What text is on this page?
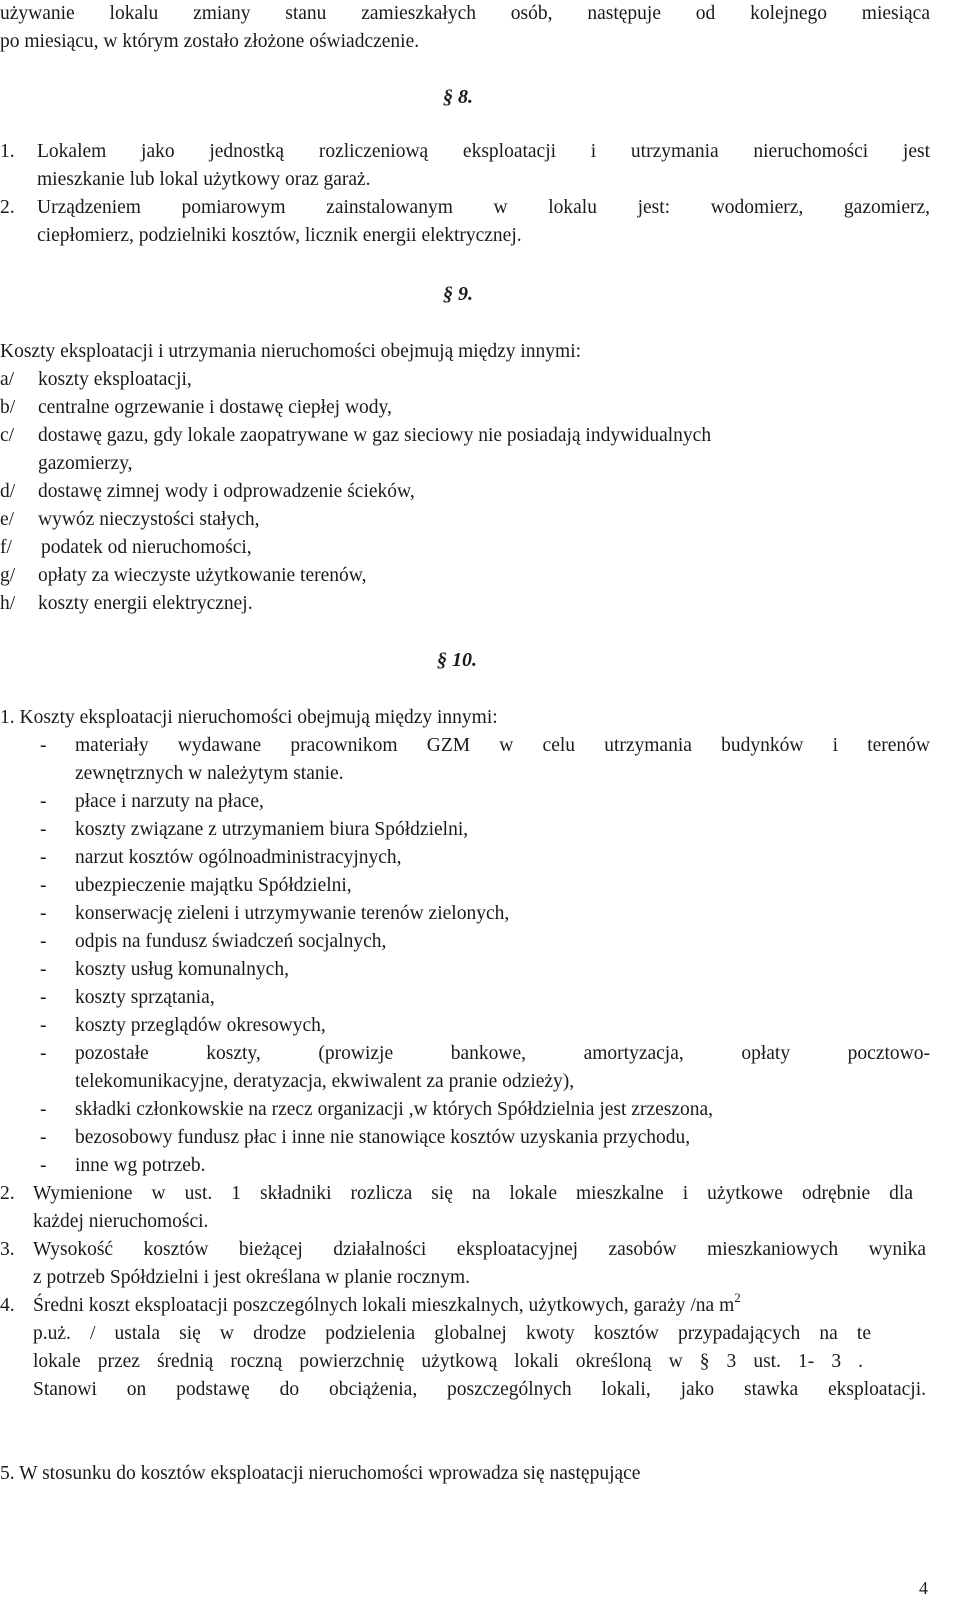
używanie lokalu zmiany stanu zamieszkałych osób, następuje od kolejnego miesiąca
po miesiącu, w którym zostało złożone oświadczenie.
§ 8.
1. Lokalem jako jednostką rozliczeniową eksploatacji i utrzymania nieruchomości jest
mieszkanie lub lokal użytkowy oraz garaż.
2. Urządzeniem pomiarowym zainstalowanym w lokalu jest: wodomierz, gazomierz,
ciepłomierz, podzielniki kosztów, licznik energii elektrycznej.
§ 9.
Koszty eksploatacji i utrzymania nieruchomości obejmują między innymi:
a/ koszty eksploatacji,
b/ centralne ogrzewanie i dostawę ciepłej wody,
c/ dostawę gazu, gdy lokale zaopatrywane w gaz sieciowy nie posiadają indywidualnych
gazomierzy,
d/ dostawę zimnej wody i odprowadzenie ścieków,
e/ wywóz nieczystości stałych,
f/ podatek od nieruchomości,
g/ opłaty za wieczyste użytkowanie terenów,
h/ koszty energii elektrycznej.
§ 10.
1. Koszty eksploatacji nieruchomości obejmują między innymi:
- materiały wydawane pracownikom GZM w celu utrzymania budynków i terenów
zewnętrznych w należytym stanie.
- płace i narzuty na płace,
- koszty związane z utrzymaniem biura Spółdzielni,
- narzut kosztów ogólnoadministracyjnych,
- ubezpieczenie majątku Spółdzielni,
- konserwację zieleni i utrzymywanie terenów zielonych,
- odpis na fundusz świadczeń socjalnych,
- koszty usług komunalnych,
- koszty sprzątania,
- koszty przeglądów okresowych,
- pozostałe koszty, (prowizje bankowe, amortyzacja, opłaty pocztowo-
telekomunikacyjne, deratyzacja, ekwiwalent za pranie odzieży),
- składki członkowskie na rzecz organizacji ,w których Spółdzielnia jest zrzeszona,
- bezosobowy fundusz płac i inne nie stanowiące kosztów uzyskania przychodu,
- inne wg potrzeb.
2. Wymienione w ust. 1 składniki rozlicza się na lokale mieszkalne i użytkowe odrębnie dla
każdej nieruchomości.
3. Wysokość kosztów bieżącej działalności eksploatacyjnej zasobów mieszkaniowych wynika
z potrzeb Spółdzielni i jest określana w planie rocznym.
4. Średni koszt eksploatacji poszczególnych lokali mieszkalnych, użytkowych, garaży /na $m^2$
p.uż. / ustala się w drodze podzielenia globalnej kwoty kosztów przypadających na te
lokale przez średnią roczną powierzchnię użytkową lokali określoną w § 3 ust. 1- 3 .
Stanowi on podstawę do obciążenia, poszczególnych lokali, jako stawka eksploatacji.
5. W stosunku do kosztów eksploatacji nieruchomości wprowadza się następujące
4
